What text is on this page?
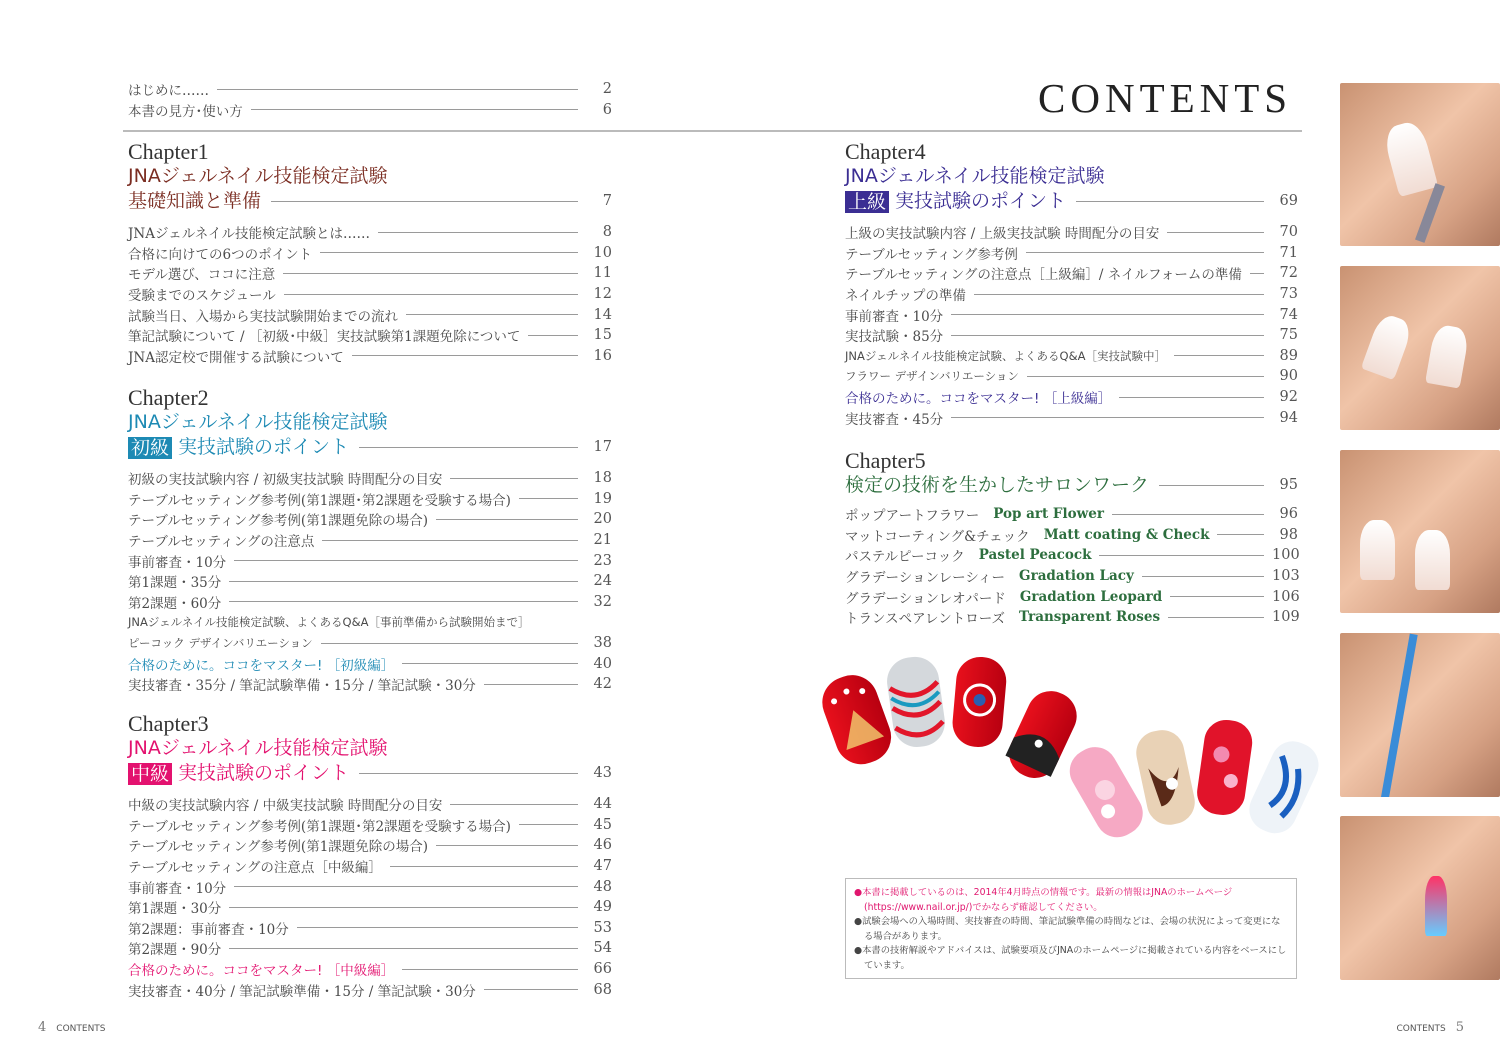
CONTENTS
はじめに……	2
本書の見方･使い方	6
Chapter1
JNAジェルネイル技能検定試験
基礎知識と準備	7
JNAジェルネイル技能検定試験とは……	8
合格に向けての6つのポイント	10
モデル選び、ココに注意	11
受験までのスケジュール	12
試験当日、入場から実技試験開始までの流れ	14
筆記試験について / ［初級･中級］実技試験第1課題免除について	15
JNA認定校で開催する試験について	16
Chapter2
JNAジェルネイル技能検定試験
初級 実技試験のポイント	17
初級の実技試験内容 / 初級実技試験 時間配分の目安	18
テーブルセッティング参考例(第1課題･第2課題を受験する場合)	19
テーブルセッティング参考例(第1課題免除の場合)	20
テーブルセッティングの注意点	21
事前審査・10分	23
第1課題・35分	24
第2課題・60分	32
JNAジェルネイル技能検定試験、よくあるQ&A［事前準備から試験開始まで］
ピーコック デザインバリエーション	38
合格のために。ココをマスター! ［初級編］	40
実技審査・35分 / 筆記試験準備・15分 / 筆記試験・30分	42
Chapter3
JNAジェルネイル技能検定試験
中級 実技試験のポイント	43
中級の実技試験内容 / 中級実技試験 時間配分の目安	44
テーブルセッティング参考例(第1課題･第2課題を受験する場合)	45
テーブルセッティング参考例(第1課題免除の場合)	46
テーブルセッティングの注意点［中級編］	47
事前審査・10分	48
第1課題・30分	49
第2課題：事前審査・10分	53
第2課題・90分	54
合格のために。ココをマスター! ［中級編］	66
実技審査・40分 / 筆記試験準備・15分 / 筆記試験・30分	68
Chapter4
JNAジェルネイル技能検定試験
上級 実技試験のポイント	69
上級の実技試験内容 / 上級実技試験 時間配分の目安	70
テーブルセッティング参考例	71
テーブルセッティングの注意点［上級編］/ ネイルフォームの準備	72
ネイルチップの準備	73
事前審査・10分	74
実技試験・85分	75
JNAジェルネイル技能検定試験、よくあるQ&A［実技試験中］	89
フラワー デザインバリエーション	90
合格のために。ココをマスター! ［上級編］	92
実技審査・45分	94
Chapter5
検定の技術を生かしたサロンワーク	95
ポップアートフラワー Pop art Flower	96
マットコーティング&チェック Matt coating & Check	98
パステルピーコック Pastel Peacock	100
グラデーションレーシィー Gradation Lacy	103
グラデーションレオパード Gradation Leopard	106
トランスペアレントローズ Transparent Roses	109

●本書に掲載しているのは、2014年4月時点の情報です。最新の情報はJNAのホームページ(https://www.nail.or.jp/)でかならず確認してください。

●試験会場への入場時間、実技審査の時間、筆記試験準備の時間などは、会場の状況によって変更になる場合があります。

●本書の技術解説やアドバイスは、試験要項及びJNAのホームページに掲載されている内容をベースにしています。

4 CONTENTS	CONTENTS 5
